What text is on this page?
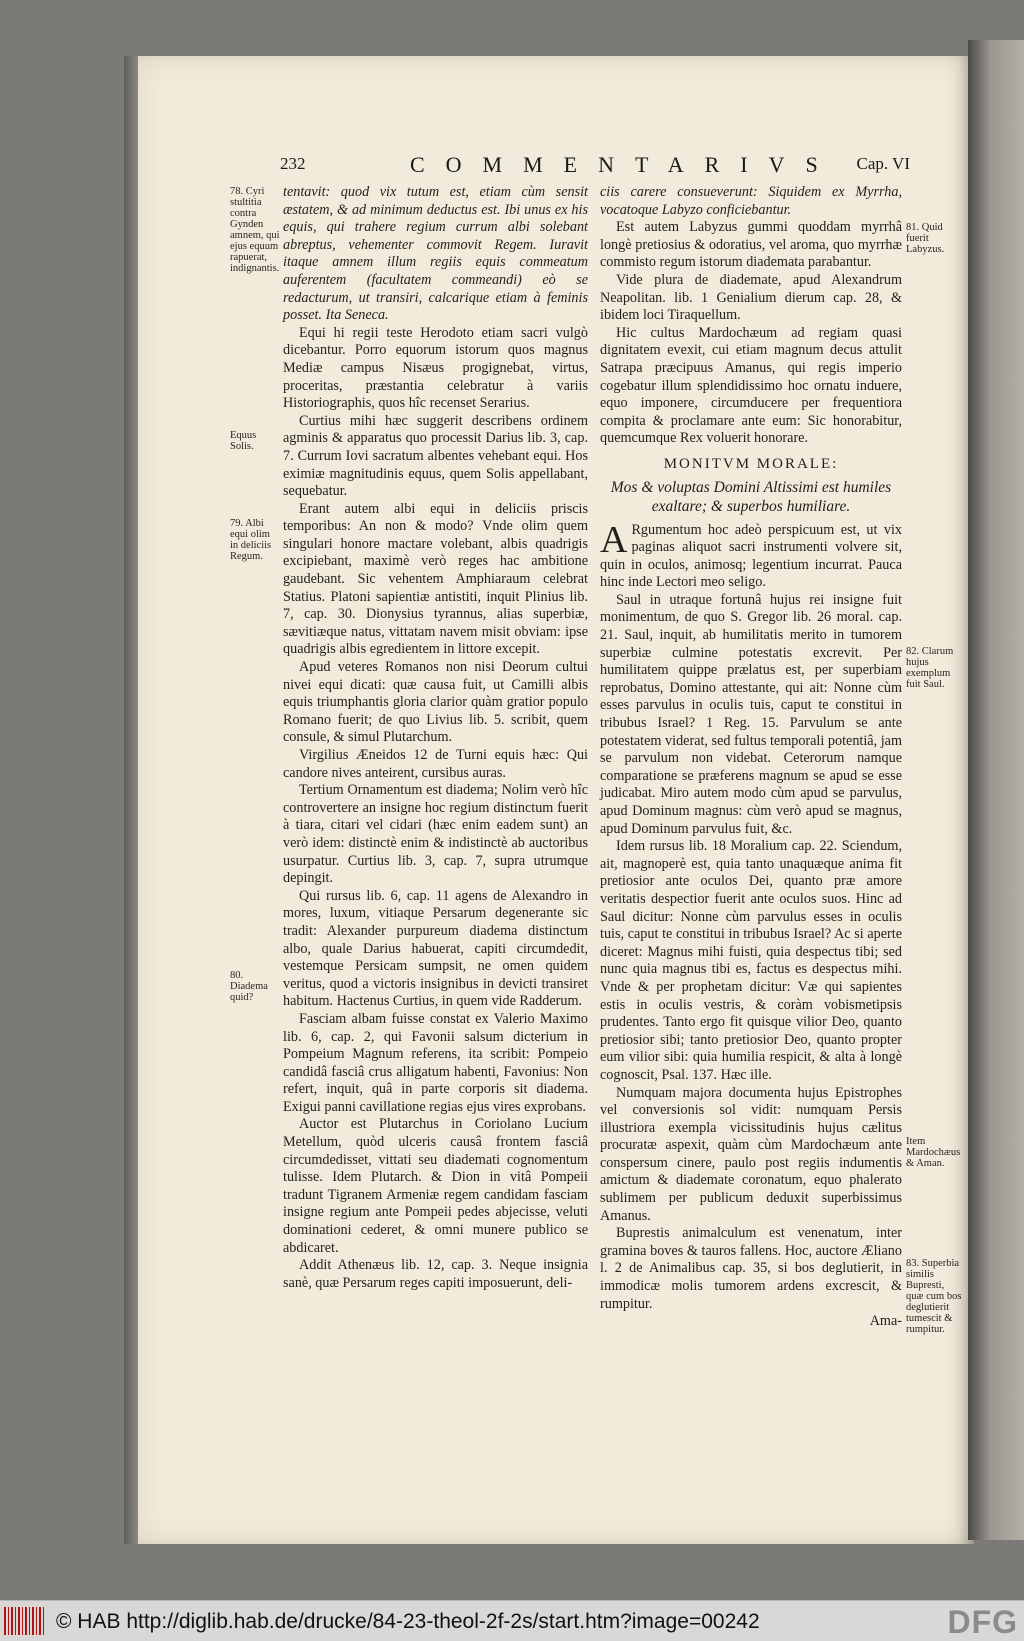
232	COMMENTARIVS Cap. VI
78. Cyri stultitia contra Gynden amnem, qui ejus equum rapuerat, indignantis.
Equus Solis.
79. Albi equi olim in deliciis Regum.
80. Diadema quid?
81. Quid fuerit Labyzus.
82. Clarum hujus exemplum fuit Saul.
Item Mardochæus & Aman.
83. Superbia similis Bupresti, quæ cum bos deglutierit tumescit & rumpitur.

tentavit: quod vix tutum est, etiam cùm sensit æstatem, & ad minimum deductus est. Ibi unus ex his equis, qui trahere regium currum albi solebant abreptus, vehementer commovit Regem. Iuravit itaque amnem illum regiis equis commeatum auferentem (facultatem commeandi) eò se redacturum, ut transiri, calcarique etiam à feminis posset. Ita Seneca.

Equi hi regii teste Herodoto etiam sacri vulgò dicebantur. Porro equorum istorum quos magnus Mediæ campus Nisæus progignebat, virtus, proceritas, præstantia celebratur à variis Historiographis, quos hîc recenset Serarius.

Curtius mihi hæc suggerit describens ordinem agminis & apparatus quo processit Darius lib. 3, cap. 7. Currum Iovi sacratum albentes vehebant equi. Hos eximiæ magnitudinis equus, quem Solis appellabant, sequebatur.

Erant autem albi equi in deliciis priscis temporibus: An non & modo? Vnde olim quem singulari honore mactare volebant, albis quadrigis excipiebant, maximè verò reges hac ambitione gaudebant. Sic vehentem Amphiaraum celebrat Statius. Platoni sapientiæ antistiti, inquit Plinius lib. 7, cap. 30. Dionysius tyrannus, alias superbiæ, sævitiæque natus, vittatam navem misit obviam: ipse quadrigis albis egredientem in littore excepit.

Apud veteres Romanos non nisi Deorum cultui nivei equi dicati: quæ causa fuit, ut Camilli albis equis triumphantis gloria clarior quàm gratior populo Romano fuerit; de quo Livius lib. 5. scribit, quem consule, & simul Plutarchum.

Virgilius Æneidos 12 de Turni equis hæc: Qui candore nives anteirent, cursibus auras.

Tertium Ornamentum est diadema; Nolim verò hîc controvertere an insigne hoc regium distinctum fuerit à tiara, citari vel cidari (hæc enim eadem sunt) an verò idem: distinctè enim & indistinctè ab auctoribus usurpatur. Curtius lib. 3, cap. 7, supra utrumque depingit.

Qui rursus lib. 6, cap. 11 agens de Alexandro in mores, luxum, vitiaque Persarum degenerante sic tradit: Alexander purpureum diadema distinctum albo, quale Darius habuerat, capiti circumdedit, vestemque Persicam sumpsit, ne omen quidem veritus, quod a victoris insignibus in devicti transiret habitum. Hactenus Curtius, in quem vide Radderum.

Fasciam albam fuisse constat ex Valerio Maximo lib. 6, cap. 2, qui Favonii salsum dicterium in Pompeium Magnum referens, ita scribit: Pompeio candidâ fasciâ crus alligatum habenti, Favonius: Non refert, inquit, quâ in parte corporis sit diadema. Exigui panni cavillatione regias ejus vires exprobans.

Auctor est Plutarchus in Coriolano Lucium Metellum, quòd ulceris causâ frontem fasciâ circumdedisset, vittati seu diademati cognomentum tulisse. Idem Plutarch. & Dion in vitâ Pompeii tradunt Tigranem Armeniæ regem candidam fasciam insigne regium ante Pompeii pedes abjecisse, veluti dominationi cederet, & omni munere publico se abdicaret.

Addit Athenæus lib. 12, cap. 3. Neque insignia sanè, quæ Persarum reges capiti imposuerunt, deli-

ciis carere consueverunt: Siquidem ex Myrrha, vocatoque Labyzo conficiebantur.

Est autem Labyzus gummi quoddam myrrhâ longè pretiosius & odoratius, vel aroma, quo myrrhæ commisto regum istorum diademata parabantur.

Vide plura de diademate, apud Alexandrum Neapolitan. lib. 1 Genialium dierum cap. 28, & ibidem loci Tiraquellum.

Hic cultus Mardochæum ad regiam quasi dignitatem evexit, cui etiam magnum decus attulit Satrapa præcipuus Amanus, qui regis imperio cogebatur illum splendidissimo hoc ornatu induere, equo imponere, circumducere per frequentiora compita & proclamare ante eum: Sic honorabitur, quemcumque Rex voluerit honorare.

MONITVM MORALE:
Mos & voluptas Domini Altissimi est humiles exaltare; & superbos humiliare.

A Rgumentum hoc adeò perspicuum est, ut vix paginas aliquot sacri instrumenti volvere sit, quin in oculos, animosq; legentium incurrat. Pauca hinc inde Lectori meo seligo.

Saul in utraque fortunâ hujus rei insigne fuit monimentum, de quo S. Gregor lib. 26 moral. cap. 21. Saul, inquit, ab humilitatis merito in tumorem superbiæ culmine potestatis excrevit. Per humilitatem quippe prælatus est, per superbiam reprobatus, Domino attestante, qui ait: Nonne cùm esses parvulus in oculis tuis, caput te constitui in tribubus Israel? 1 Reg. 15. Parvulum se ante potestatem viderat, sed fultus temporali potentiâ, jam se parvulum non videbat. Ceterorum namque comparatione se præferens magnum se apud se esse judicabat. Miro autem modo cùm apud se parvulus, apud Dominum magnus: cùm verò apud se magnus, apud Dominum parvulus fuit, &c.

Idem rursus lib. 18 Moralium cap. 22. Sciendum, ait, magnoperè est, quia tanto unaquæque anima fit pretiosior ante oculos Dei, quanto præ amore veritatis despectior fuerit ante oculos suos. Hinc ad Saul dicitur: Nonne cùm parvulus esses in oculis tuis, caput te constitui in tribubus Israel? Ac si aperte diceret: Magnus mihi fuisti, quia despectus tibi; sed nunc quia magnus tibi es, factus es despectus mihi. Vnde & per prophetam dicitur: Væ qui sapientes estis in oculis vestris, & coràm vobismetipsis prudentes. Tanto ergo fit quisque vilior Deo, quanto pretiosior sibi; tanto pretiosior Deo, quanto propter eum vilior sibi: quia humilia respicit, & alta à longè cognoscit, Psal. 137. Hæc ille.

Numquam majora documenta hujus Epistrophes vel conversionis sol vidit: numquam Persis illustriora exempla vicissitudinis hujus cælitus procuratæ aspexit, quàm cùm Mardochæum ante conspersum cinere, paulo post regiis indumentis amictum & diademate coronatum, equo phalerato sublimem per publicum deduxit superbissimus Amanus.

Buprestis animalculum est venenatum, inter gramina boves & tauros fallens. Hoc, auctore Æliano l. 2 de Animalibus cap. 35, si bos deglutierit, in immodicæ molis tumorem ardens excrescit, & rumpitur.

Ama-

© HAB http://diglib.hab.de/drucke/84-23-theol-2f-2s/start.htm?image=00242	DFG
